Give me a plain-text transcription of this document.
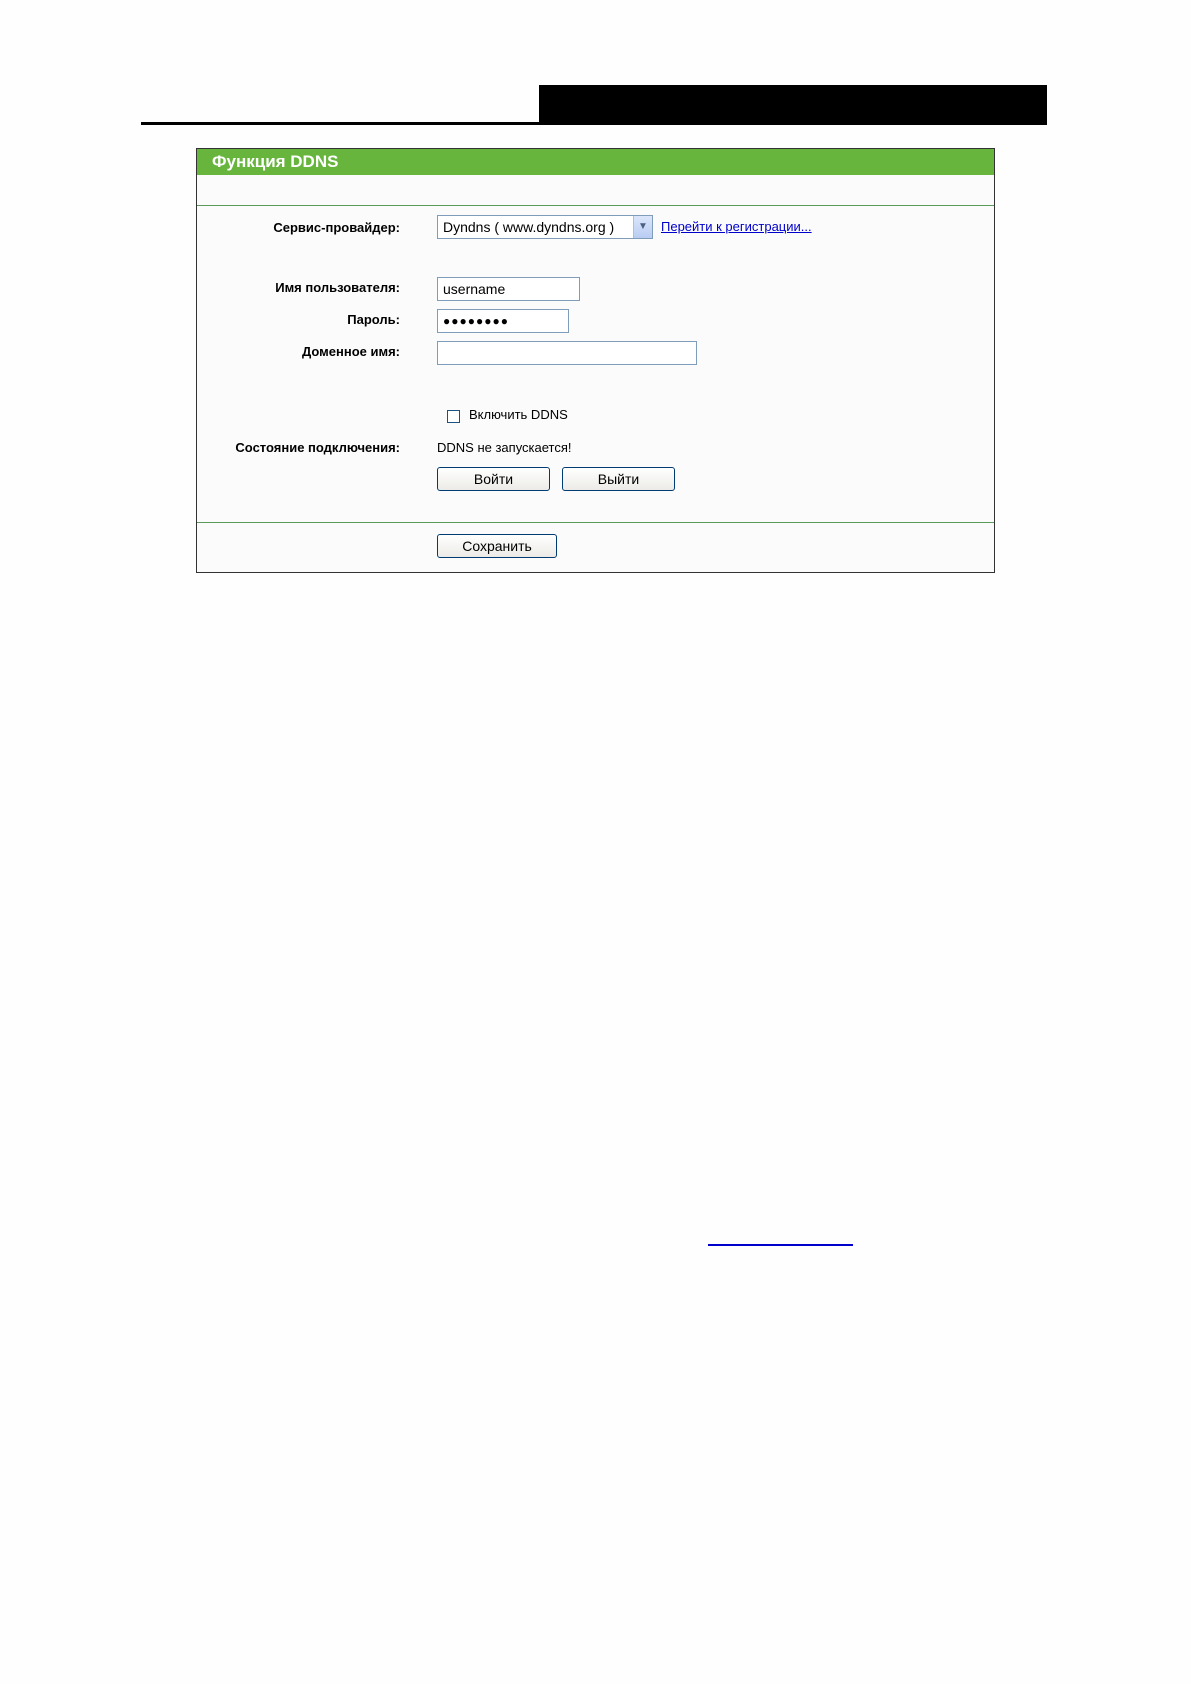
Функция DDNS
Сервис-провайдер:	Dyndns ( www.dyndns.org )	▼	Перейти к регистрации...
Имя пользователя:	username
Пароль:	●●●●●●●●
Доменное имя:
Включить DDNS
Состояние подключения:	DDNS не запускается!
Войти	Выйти
Сохранить
